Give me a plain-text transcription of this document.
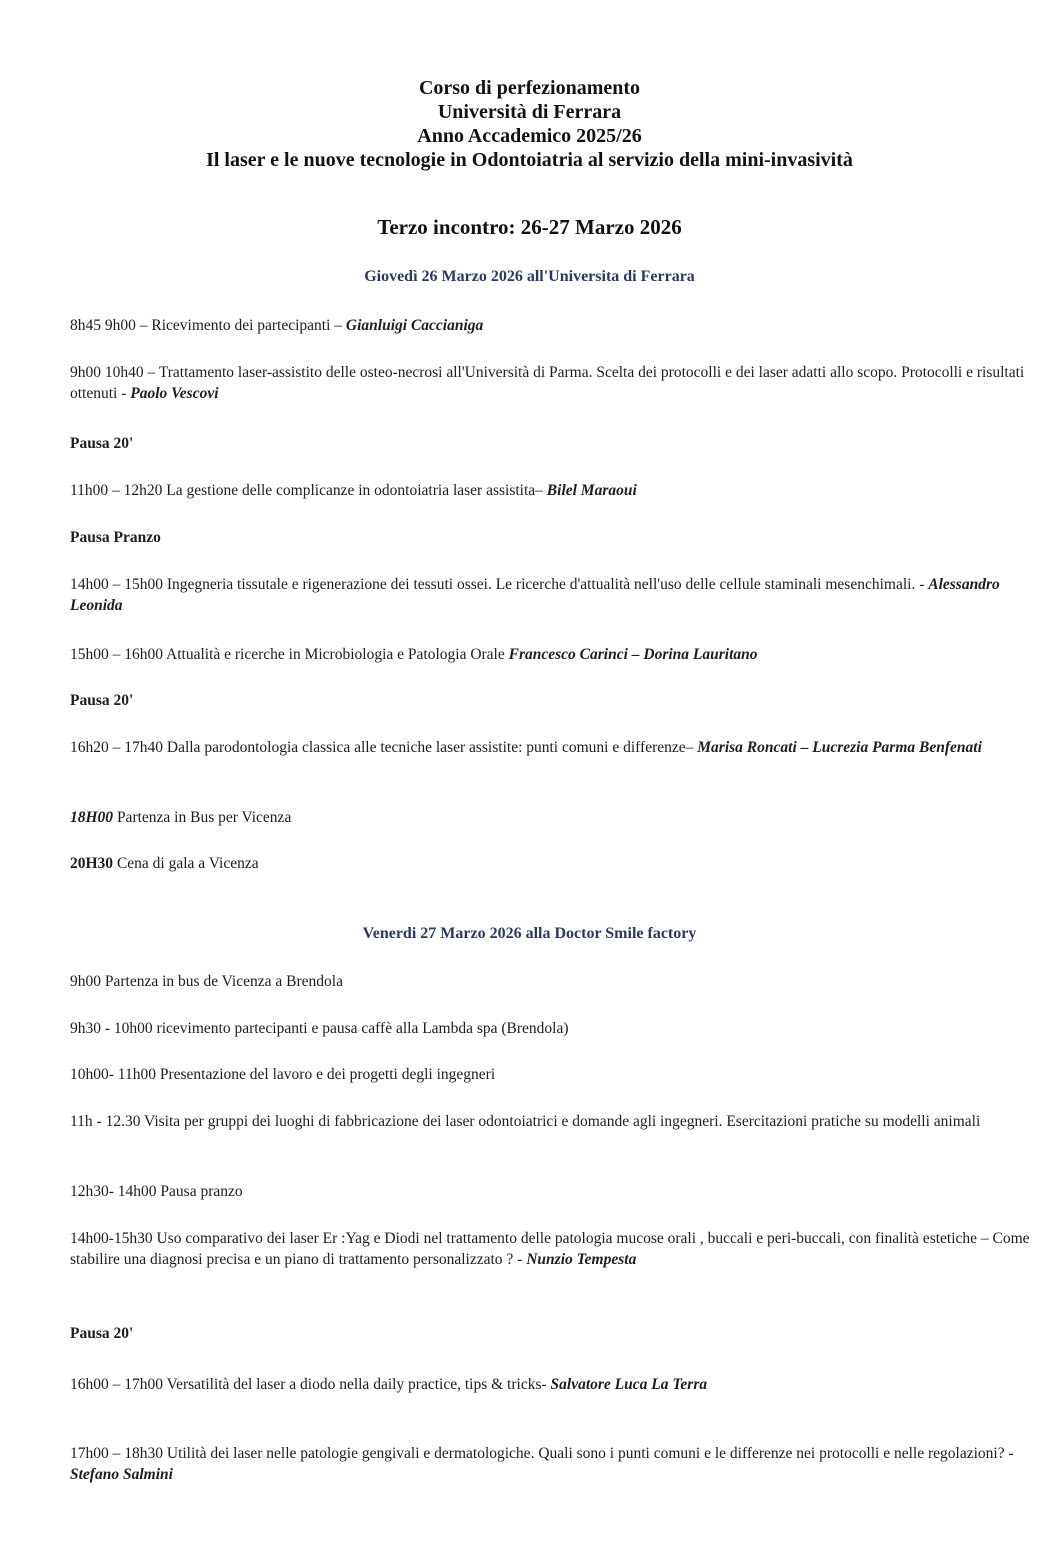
Corso di perfezionamento
Università di Ferrara
Anno Accademico 2025/26
Il laser e le nuove tecnologie in Odontoiatria al servizio della mini-invasività
Terzo incontro: 26-27 Marzo 2026
Giovedì 26 Marzo 2026 all'Universita di Ferrara
8h45 9h00 – Ricevimento dei partecipanti – Gianluigi Caccianiga
9h00 10h40 – Trattamento laser-assistito delle osteo-necrosi all'Università di Parma. Scelta dei protocolli e dei laser adatti allo scopo. Protocolli e risultati ottenuti - Paolo Vescovi
Pausa 20'
11h00 – 12h20 La gestione delle complicanze in odontoiatria laser assistita– Bilel Maraoui
Pausa Pranzo
14h00 – 15h00 Ingegneria tissutale e rigenerazione dei tessuti ossei. Le ricerche d'attualità nell'uso delle cellule staminali mesenchimali. - Alessandro Leonida
15h00 – 16h00 Attualità e ricerche in Microbiologia e Patologia Orale Francesco Carinci – Dorina Lauritano
Pausa 20'
16h20 – 17h40 Dalla parodontologia classica alle tecniche laser assistite: punti comuni e differenze– Marisa Roncati – Lucrezia Parma Benfenati
18H00 Partenza in Bus per Vicenza
20H30 Cena di gala a Vicenza
Venerdi 27 Marzo 2026 alla Doctor Smile factory
9h00 Partenza in bus de Vicenza a Brendola
9h30 - 10h00 ricevimento partecipanti e pausa caffè alla Lambda spa (Brendola)
10h00- 11h00 Presentazione del lavoro e dei progetti degli ingegneri
11h - 12.30 Visita per gruppi dei luoghi di fabbricazione dei laser odontoiatrici e domande agli ingegneri. Esercitazioni pratiche su modelli animali
12h30- 14h00 Pausa pranzo
14h00-15h30 Uso comparativo dei laser Er :Yag e Diodi nel trattamento delle patologia mucose orali , buccali e peri-buccali, con finalità estetiche – Come stabilire una diagnosi precisa e un piano di trattamento personalizzato ? - Nunzio Tempesta
Pausa 20'
16h00 – 17h00 Versatilità del laser a diodo nella daily practice, tips & tricks- Salvatore Luca La Terra
17h00 – 18h30 Utilità dei laser nelle patologie gengivali e dermatologiche. Quali sono i punti comuni e le differenze nei protocolli e nelle regolazioni? - Stefano Salmini
